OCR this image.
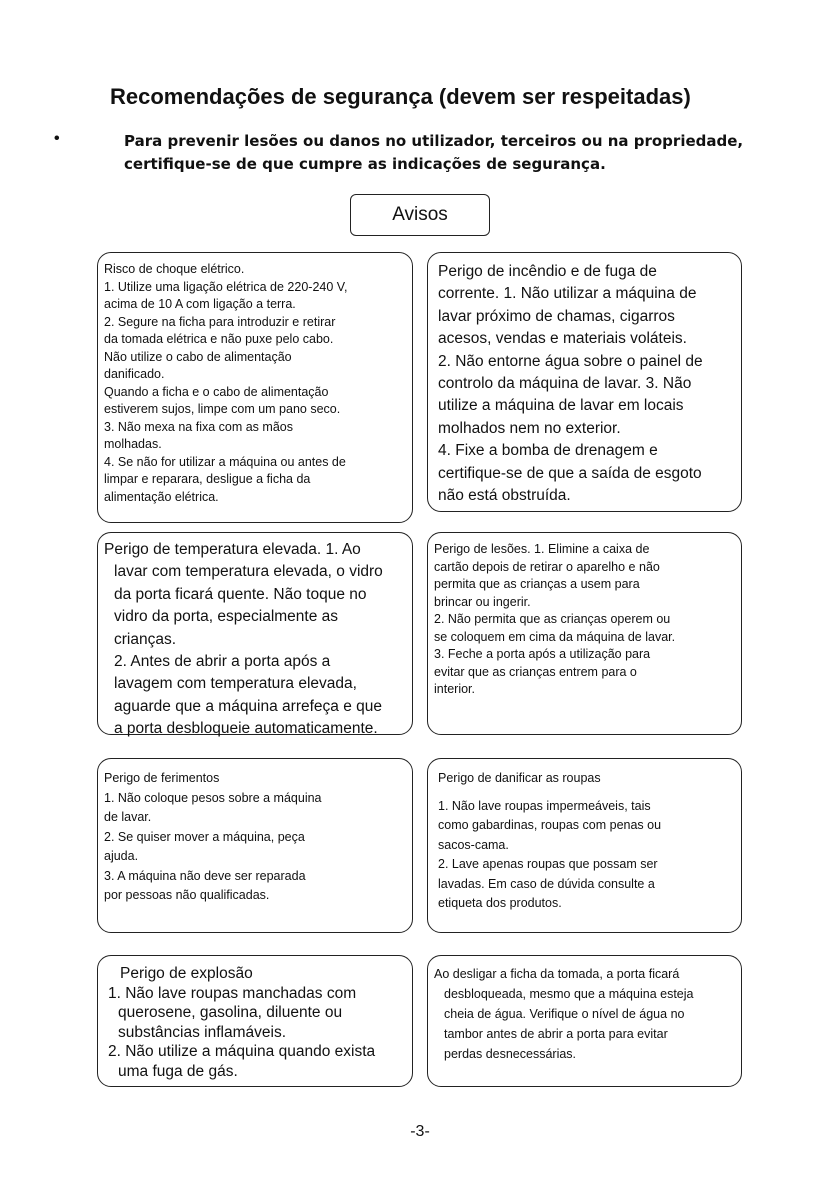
Recomendações de segurança (devem ser respeitadas)
•	Para prevenir lesões ou danos no utilizador, terceiros ou na propriedade, certifique-se de que cumpre as indicações de segurança.
Avisos
Risco de choque elétrico.
1. Utilize uma ligação elétrica de 220-240 V,
acima de 10 A com ligação a terra.
2. Segure na ficha para introduzir e retirar
da tomada elétrica e não puxe pelo cabo.
Não utilize o cabo de alimentação
danificado.
Quando a ficha e o cabo de alimentação
estiverem sujos, limpe com um pano seco.
3. Não mexa na fixa com as mãos
molhadas.
4. Se não for utilizar a máquina ou antes de
limpar e reparara, desligue a ficha da
alimentação elétrica.
Perigo de incêndio e de fuga de
corrente. 1. Não utilizar a máquina de
lavar próximo de chamas, cigarros
acesos, vendas e materiais voláteis.
2. Não entorne água sobre o painel de
controlo da máquina de lavar. 3. Não
utilize a máquina de lavar em locais
molhados nem no exterior.
4. Fixe a bomba de drenagem e
certifique-se de que a saída de esgoto
não está obstruída.
Perigo de temperatura elevada. 1. Ao
lavar com temperatura elevada, o vidro
da porta ficará quente. Não toque no
vidro da porta, especialmente as
crianças.
2. Antes de abrir a porta após a
lavagem com temperatura elevada,
aguarde que a máquina arrefeça e que
a porta desbloqueie automaticamente.
Perigo de lesões. 1. Elimine a caixa de
cartão depois de retirar o aparelho e não
permita que as crianças a usem para
brincar ou ingerir.
2. Não permita que as crianças operem ou
se coloquem em cima da máquina de lavar.
3. Feche a porta após a utilização para
evitar que as crianças entrem para o
interior.
Perigo de ferimentos
1. Não coloque pesos sobre a máquina
de lavar.
2. Se quiser mover a máquina, peça
ajuda.
3. A máquina não deve ser reparada
por pessoas não qualificadas.
Perigo de danificar as roupas
1. Não lave roupas impermeáveis, tais
como gabardinas, roupas com penas ou
sacos-cama.
2. Lave apenas roupas que possam ser
lavadas. Em caso de dúvida consulte a
etiqueta dos produtos.
Perigo de explosão
1. Não lave roupas manchadas com
querosene, gasolina, diluente ou
substâncias inflamáveis.
2. Não utilize a máquina quando exista
uma fuga de gás.
Ao desligar a ficha da tomada, a porta ficará
desbloqueada, mesmo que a máquina esteja
cheia de água. Verifique o nível de água no
tambor antes de abrir a porta para evitar
perdas desnecessárias.
-3-
